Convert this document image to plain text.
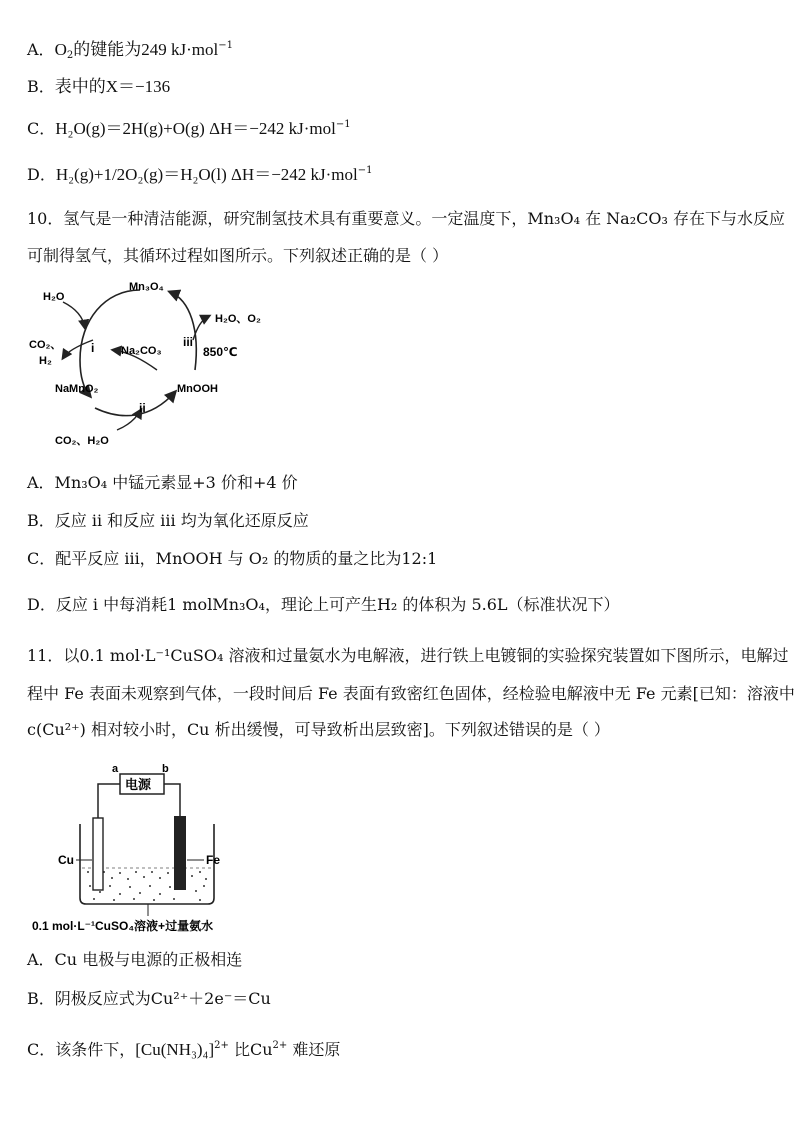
A．$O_2$的键能为249 kJ·mol$^{-1}$
B．表中的X＝−136
C．H₂O(g)＝2H(g)+O(g) ΔH＝−242 kJ·mol$^{-1}$
D．H₂(g)+1/2O₂(g)＝H₂O(l) ΔH＝−242 kJ·mol$^{-1}$
10．氢气是一种清洁能源，研究制氢技术具有重要意义。一定温度下，Mn₃O₄ 在 Na₂CO₃ 存在下与水反应
可制得氢气，其循环过程如图所示。下列叙述正确的是（ ）
H₂O
Mn₃O₄
CO₂、
H₂
i Na₂CO₃
iii
H₂O、O₂
850℃
NaMnO₂	MnOOH
ii
CO₂、H₂O
A．Mn₃O₄ 中锰元素显+3 价和+4 价
B．反应 ii 和反应 iii 均为氧化还原反应
C．配平反应 iii，MnOOH 与 O₂ 的物质的量之比为12:1
D．反应 i 中每消耗1 molMn₃O₄，理论上可产生H₂ 的体积为 5.6L（标准状况下）
11．以0.1 mol·L⁻¹CuSO₄ 溶液和过量氨水为电解液，进行铁上电镀铜的实验探究装置如下图所示，电解过
程中 Fe 表面未观察到气体，一段时间后 Fe 表面有致密红色固体，经检验电解液中无 Fe 元素[已知：溶液中
c(Cu²⁺) 相对较小时，Cu 析出缓慢，可导致析出层致密]。下列叙述错误的是（ ）
电源
a	b
Cu	Fe
0.1 mol·L⁻¹CuSO₄溶液+过量氨水
A．Cu 电极与电源的正极相连
B．阴极反应式为Cu²⁺＋2e⁻＝Cu
C．该条件下，$[Cu(NH_3)_4]^{2+}$ 比$Cu^{2+}$ 难还原
